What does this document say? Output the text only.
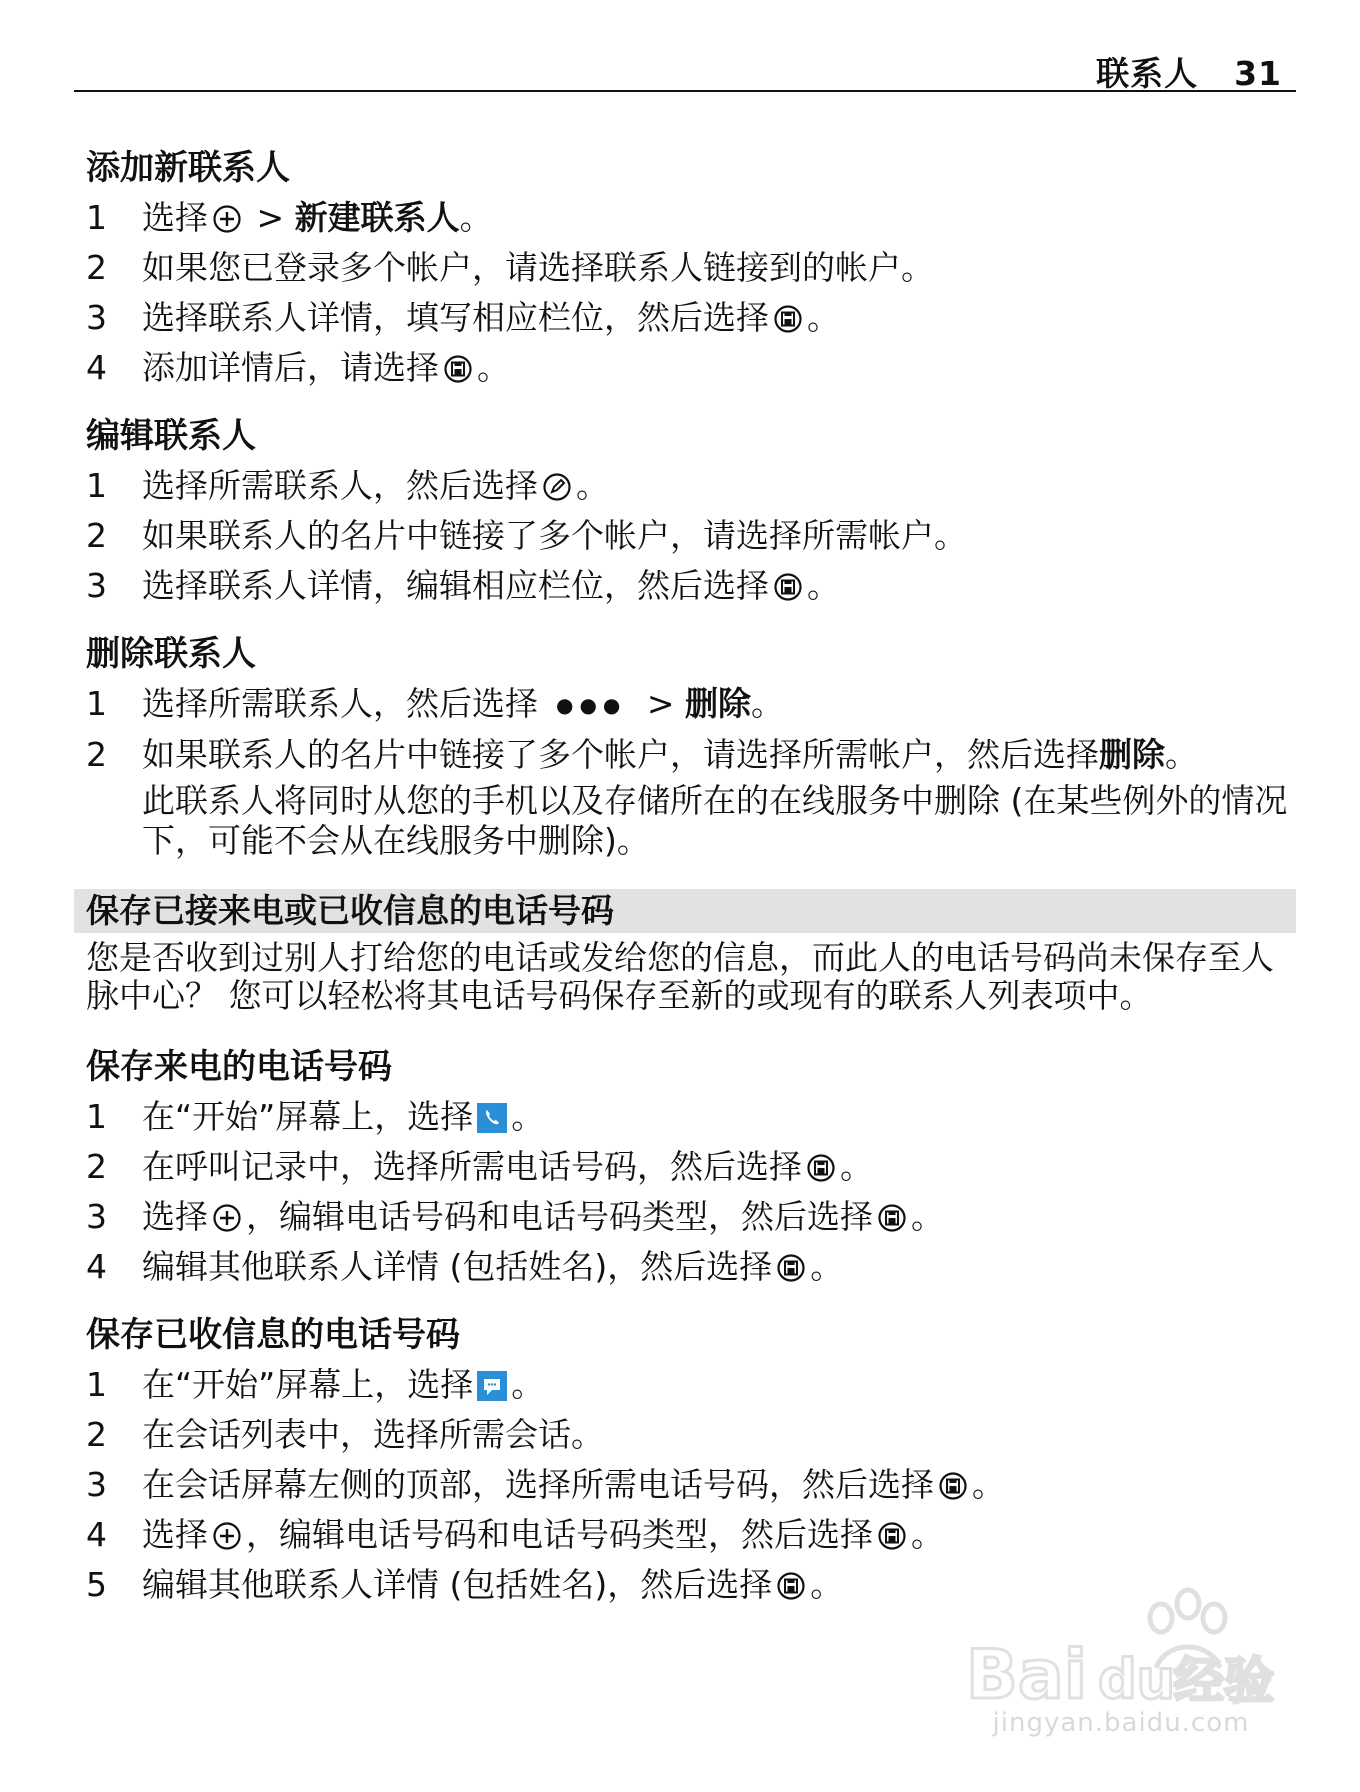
联系人 31
添加新联系人
1 选择
> 新建联系人。
2 如果您已登录多个帐户，请选择联系人链接到的帐户。
3 选择联系人详情，填写相应栏位，然后选择 。
4 添加详情后，请选择 。
编辑联系人
1 选择所需联系人，然后选择 。
2 如果联系人的名片中链接了多个帐户，请选择所需帐户。
3 选择联系人详情，编辑相应栏位，然后选择 。
删除联系人
1 选择所需联系人，然后选择 ●●● > 删除。
2 如果联系人的名片中链接了多个帐户，请选择所需帐户，然后选择删除。
此联系人将同时从您的手机以及存储所在的在线服务中删除 (在某些例外的情况下，可能不会从在线服务中删除)。
保存已接来电或已收信息的电话号码
您是否收到过别人打给您的电话或发给您的信息，而此人的电话号码尚未保存至人脉中心？ 您可以轻松将其电话号码保存至新的或现有的联系人列表项中。
保存来电的电话号码
1 在“开始”屏幕上，选择 。
2 在呼叫记录中，选择所需电话号码，然后选择 。
3 选择 ，编辑电话号码和电话号码类型，然后选择 。
4 编辑其他联系人详情 (包括姓名)，然后选择 。
保存已收信息的电话号码
1 在“开始”屏幕上，选择 。
2 在会话列表中，选择所需会话。
3 在会话屏幕左侧的顶部，选择所需电话号码，然后选择 。
4 选择 ，编辑电话号码和电话号码类型，然后选择 。
5 编辑其他联系人详情 (包括姓名)，然后选择 。
Bai du
经验
jingyan.baidu.com
